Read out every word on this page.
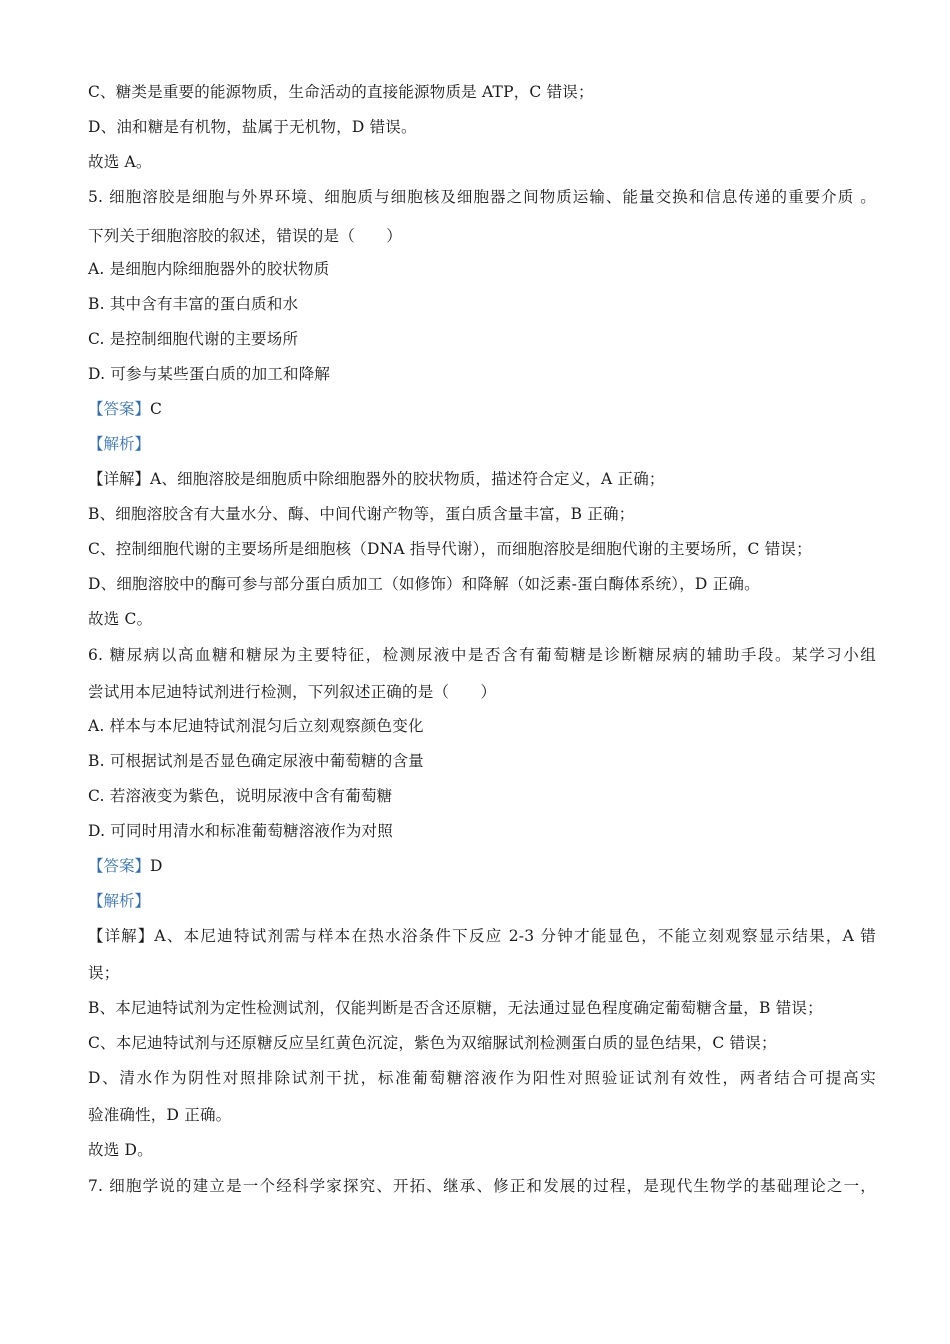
C、糖类是重要的能源物质，生命活动的直接能源物质是 ATP，C 错误；
D、油和糖是有机物，盐属于无机物，D 错误。
故选 A。
5. 细胞溶胶是细胞与外界环境、细胞质与细胞核及细胞器之间物质运输、能量交换和信息传递的重要介质 。
下列关于细胞溶胶的叙述，错误的是（　　）
A. 是细胞内除细胞器外的胶状物质
B. 其中含有丰富的蛋白质和水
C. 是控制细胞代谢的主要场所
D. 可参与某些蛋白质的加工和降解
【答案】C
【解析】
【详解】A、细胞溶胶是细胞质中除细胞器外的胶状物质，描述符合定义，A 正确；
B、细胞溶胶含有大量水分、酶、中间代谢产物等，蛋白质含量丰富，B 正确；
C、控制细胞代谢的主要场所是细胞核（DNA 指导代谢），而细胞溶胶是细胞代谢的主要场所，C 错误；
D、细胞溶胶中的酶可参与部分蛋白质加工（如修饰）和降解（如泛素-蛋白酶体系统），D 正确。
故选 C。
6. 糖尿病以高血糖和糖尿为主要特征，检测尿液中是否含有葡萄糖是诊断糖尿病的辅助手段。某学习小组
尝试用本尼迪特试剂进行检测，下列叙述正确的是（　　）
A. 样本与本尼迪特试剂混匀后立刻观察颜色变化
B. 可根据试剂是否显色确定尿液中葡萄糖的含量
C. 若溶液变为紫色，说明尿液中含有葡萄糖
D. 可同时用清水和标准葡萄糖溶液作为对照
【答案】D
【解析】
【详解】A、本尼迪特试剂需与样本在热水浴条件下反应 2-3 分钟才能显色，不能立刻观察显示结果，A 错
误；
B、本尼迪特试剂为定性检测试剂，仅能判断是否含还原糖，无法通过显色程度确定葡萄糖含量，B 错误；
C、本尼迪特试剂与还原糖反应呈红黄色沉淀，紫色为双缩脲试剂检测蛋白质的显色结果，C 错误；
D、清水作为阴性对照排除试剂干扰，标准葡萄糖溶液作为阳性对照验证试剂有效性，两者结合可提高实
验准确性，D 正确。
故选 D。
7. 细胞学说的建立是一个经科学家探究、开拓、继承、修正和发展的过程，是现代生物学的基础理论之一，
